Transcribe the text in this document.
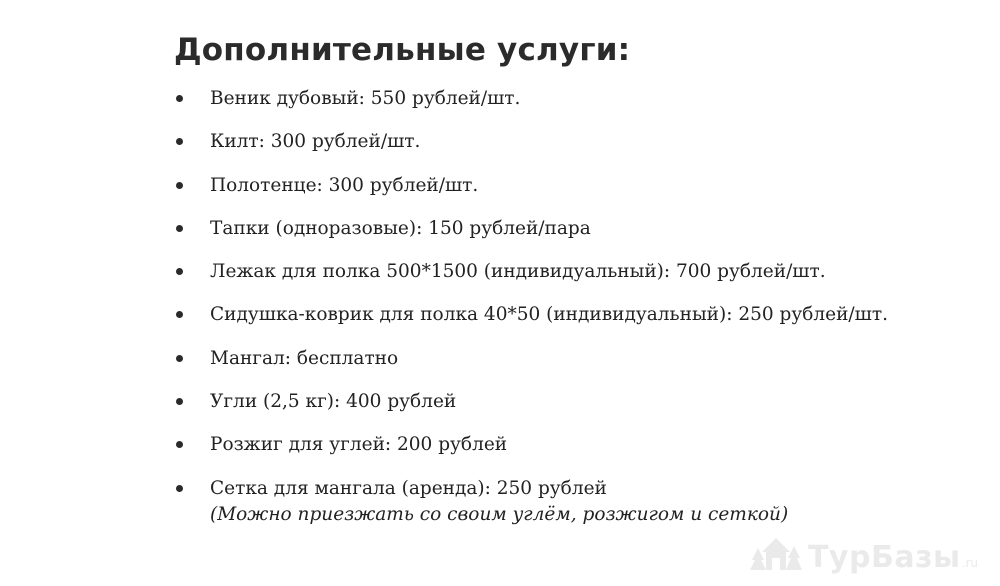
Дополнительные услуги:
Веник дубовый: 550 рублей/шт.
Килт: 300 рублей/шт.
Полотенце: 300 рублей/шт.
Тапки (одноразовые): 150 рублей/пара
Лежак для полка 500*1500 (индивидуальный): 700 рублей/шт.
Сидушка-коврик для полка 40*50 (индивидуальный): 250 рублей/шт.
Мангал: бесплатно
Угли (2,5 кг): 400 рублей
Розжиг для углей: 200 рублей
Сетка для мангала (аренда): 250 рублей
(Можно приезжать со своим углём, розжигом и сеткой)
ТурБазы .ru
